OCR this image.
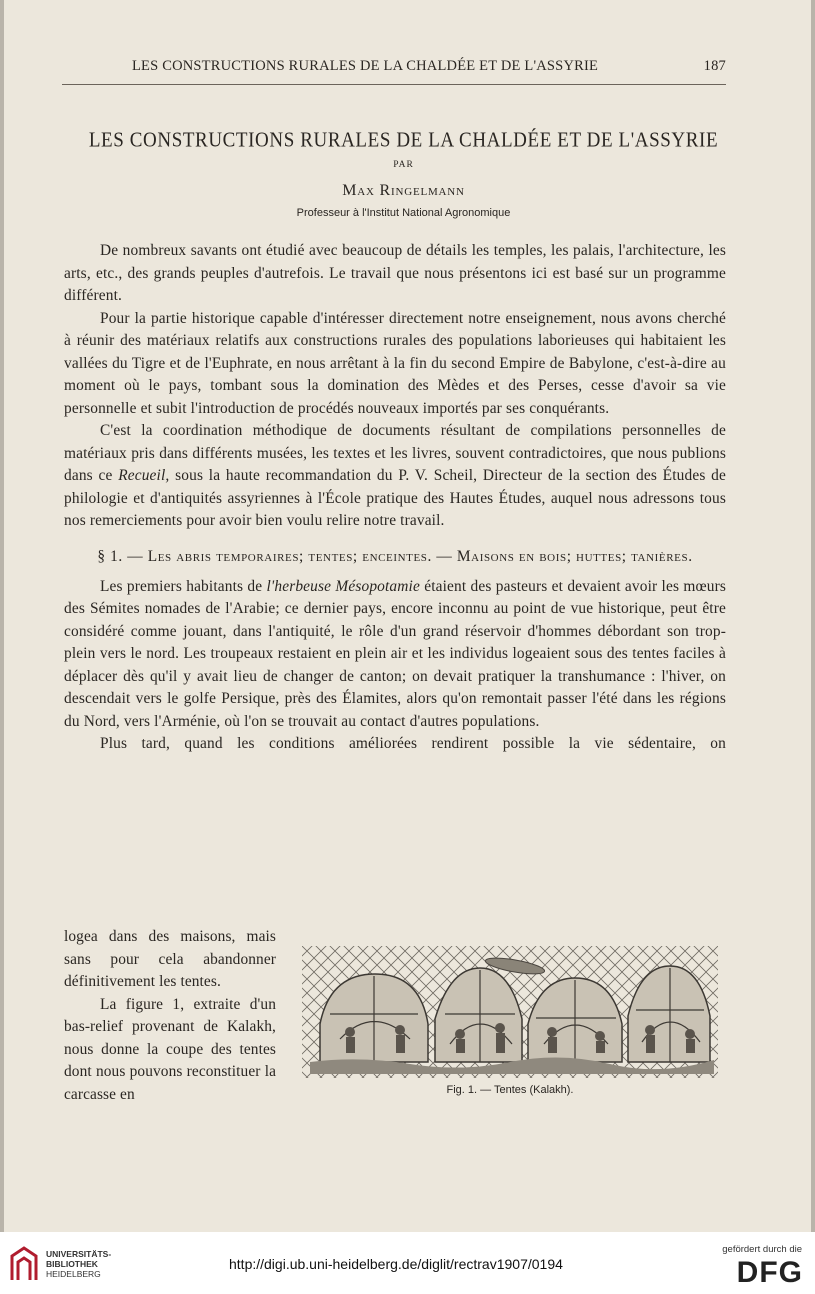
LES CONSTRUCTIONS RURALES DE LA CHALDÉE ET DE L'ASSYRIE	187
LES CONSTRUCTIONS RURALES DE LA CHALDÉE ET DE L'ASSYRIE
PAR
Max Ringelmann
Professeur à l'Institut National Agronomique

De nombreux savants ont étudié avec beaucoup de détails les temples, les palais, l'architecture, les arts, etc., des grands peuples d'autrefois. Le travail que nous présentons ici est basé sur un programme différent.

Pour la partie historique capable d'intéresser directement notre enseignement, nous avons cherché à réunir des matériaux relatifs aux constructions rurales des populations laborieuses qui habitaient les vallées du Tigre et de l'Euphrate, en nous arrêtant à la fin du second Empire de Babylone, c'est-à-dire au moment où le pays, tombant sous la domination des Mèdes et des Perses, cesse d'avoir sa vie personnelle et subit l'introduction de procédés nouveaux importés par ses conquérants.

C'est la coordination méthodique de documents résultant de compilations personnelles de matériaux pris dans différents musées, les textes et les livres, souvent contradictoires, que nous publions dans ce Recueil, sous la haute recommandation du P. V. Scheil, Directeur de la section des Études de philologie et d'antiquités assyriennes à l'École pratique des Hautes Études, auquel nous adressons tous nos remerciements pour avoir bien voulu relire notre travail.

§ 1. — Les abris temporaires; tentes; enceintes. — Maisons en bois; huttes; tanières.

Les premiers habitants de l'herbeuse Mésopotamie étaient des pasteurs et devaient avoir les mœurs des Sémites nomades de l'Arabie; ce dernier pays, encore inconnu au point de vue historique, peut être considéré comme jouant, dans l'antiquité, le rôle d'un grand réservoir d'hommes débordant son trop-plein vers le nord. Les troupeaux restaient en plein air et les individus logeaient sous des tentes faciles à déplacer dès qu'il y avait lieu de changer de canton; on devait pratiquer la transhumance : l'hiver, on descendait vers le golfe Persique, près des Élamites, alors qu'on remontait passer l'été dans les régions du Nord, vers l'Arménie, où l'on se trouvait au contact d'autres populations.

Plus tard, quand les conditions améliorées rendirent possible la vie sédentaire, on

logea dans des maisons, mais sans pour cela abandonner définitivement les tentes.

La figure 1, extraite d'un bas-relief provenant de Kalakh, nous donne la coupe des tentes dont nous pouvons reconstituer la carcasse en	Fig. 1. — Tentes (Kalakh).
UNIVERSITÄTS-
BIBLIOTHEK
HEIDELBERG
http://digi.ub.uni-heidelberg.de/diglit/rectrav1907/0194
gefördert durch die
DFG
